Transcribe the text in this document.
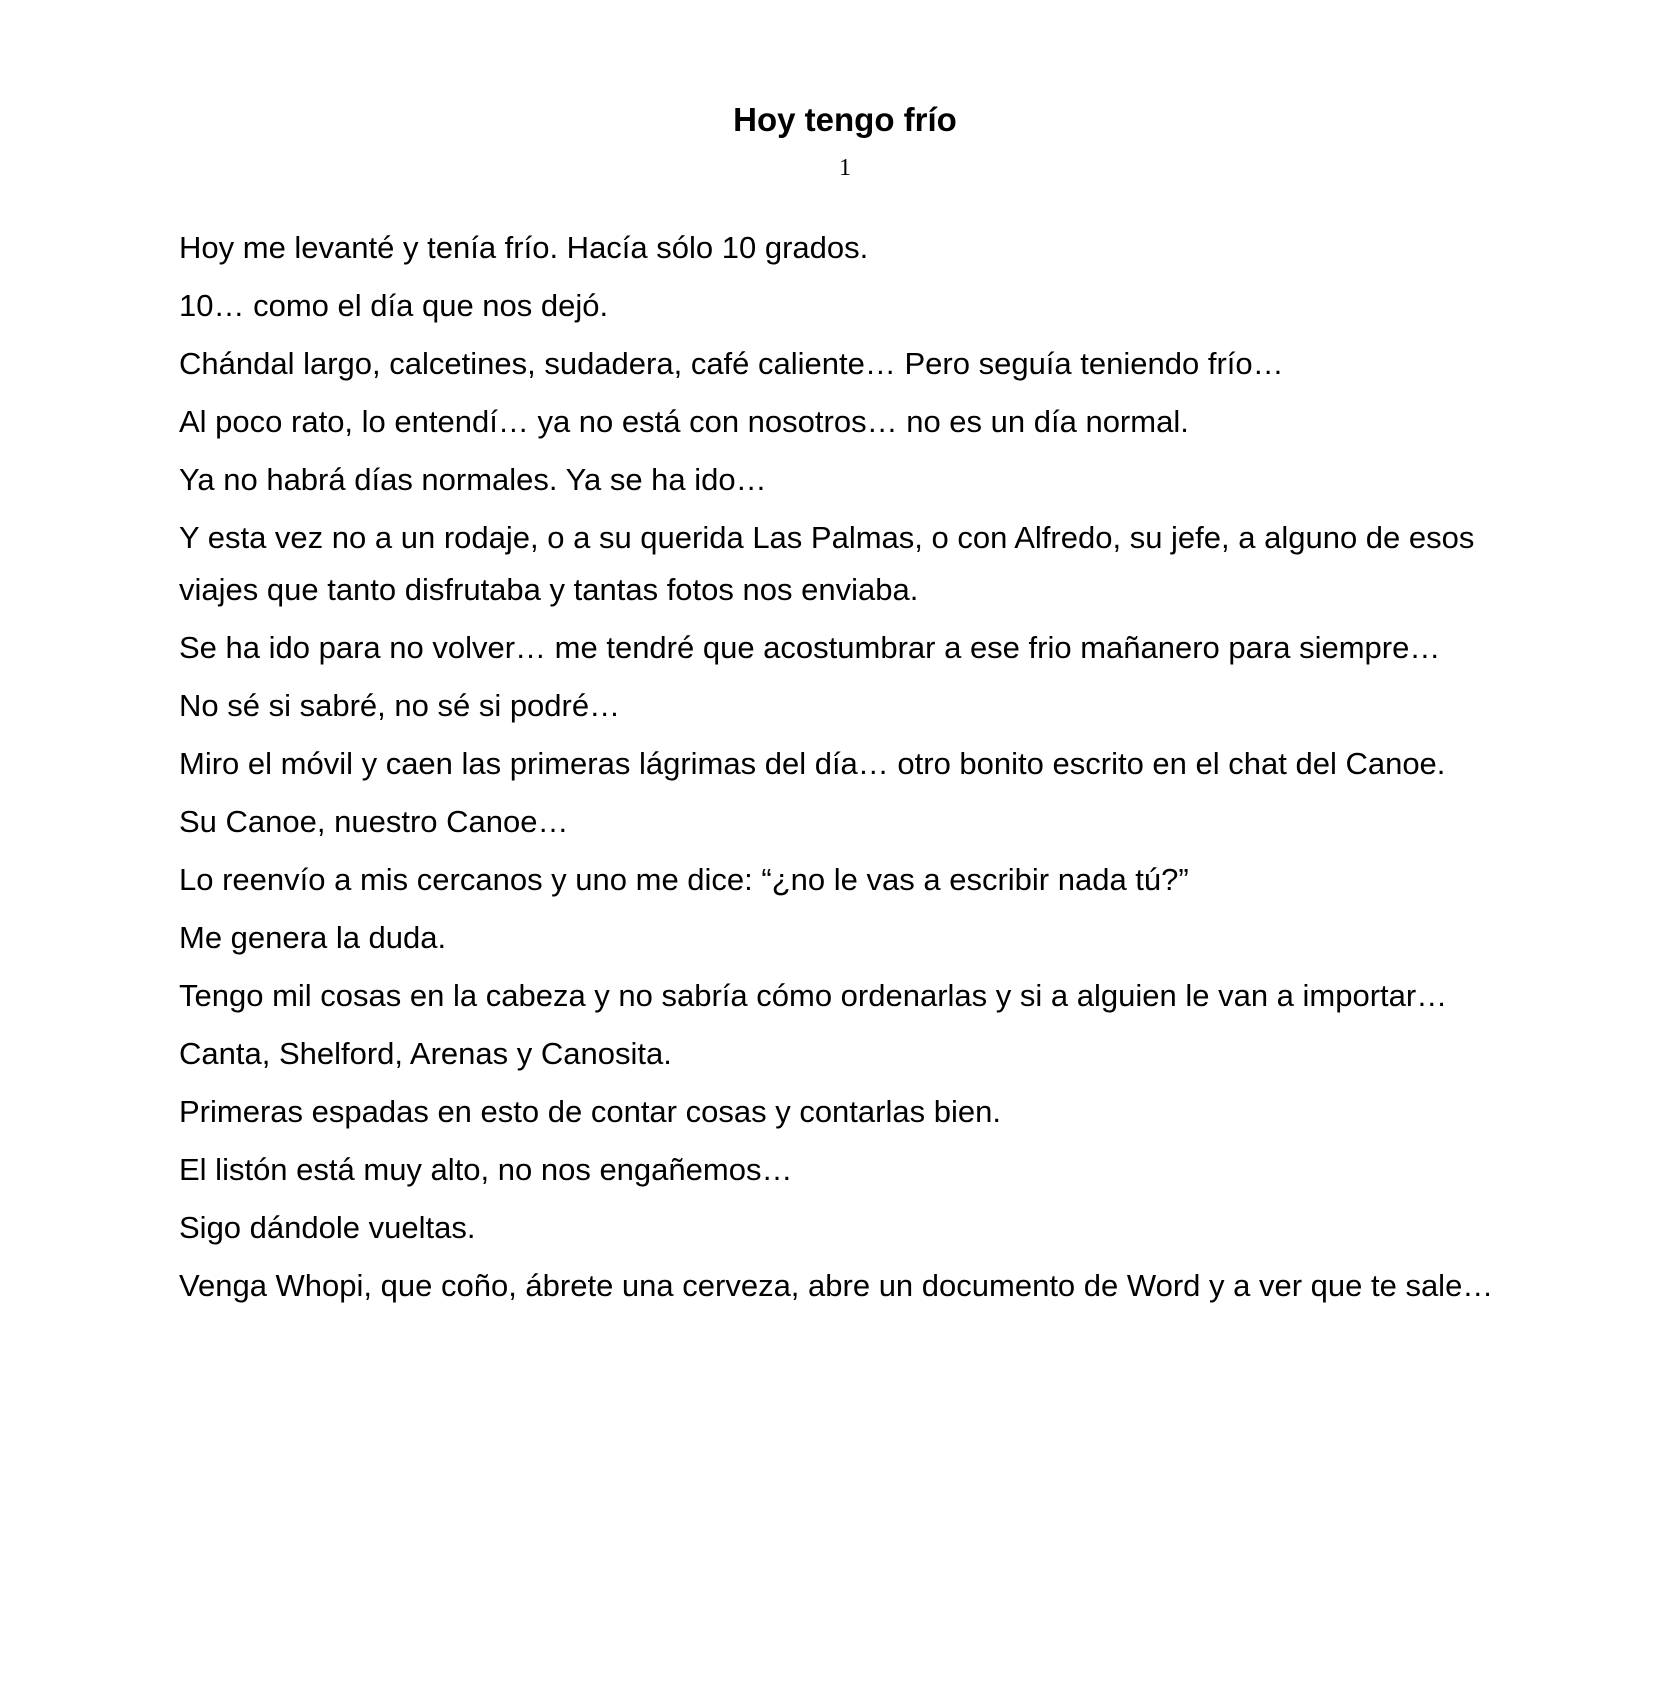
Hoy tengo frío
1

Hoy me levanté y tenía frío. Hacía sólo 10 grados.

10… como el día que nos dejó.

Chándal largo, calcetines, sudadera, café caliente… Pero seguía teniendo frío…

Al poco rato, lo entendí… ya no está con nosotros… no es un día normal.

Ya no habrá días normales. Ya se ha ido…

Y esta vez no a un rodaje, o a su querida Las Palmas, o con Alfredo, su jefe, a alguno de esos viajes que tanto disfrutaba y tantas fotos nos enviaba.

Se ha ido para no volver… me tendré que acostumbrar a ese frio mañanero para siempre…

No sé si sabré, no sé si podré…

Miro el móvil y caen las primeras lágrimas del día… otro bonito escrito en el chat del Canoe.

Su Canoe, nuestro Canoe…

Lo reenvío a mis cercanos y uno me dice: “¿no le vas a escribir nada tú?”

Me genera la duda.

Tengo mil cosas en la cabeza y no sabría cómo ordenarlas y si a alguien le van a importar…

Canta, Shelford, Arenas y Canosita.

Primeras espadas en esto de contar cosas y contarlas bien.

El listón está muy alto, no nos engañemos…

Sigo dándole vueltas.

Venga Whopi, que coño, ábrete una cerveza, abre un documento de Word y a ver que te sale…
